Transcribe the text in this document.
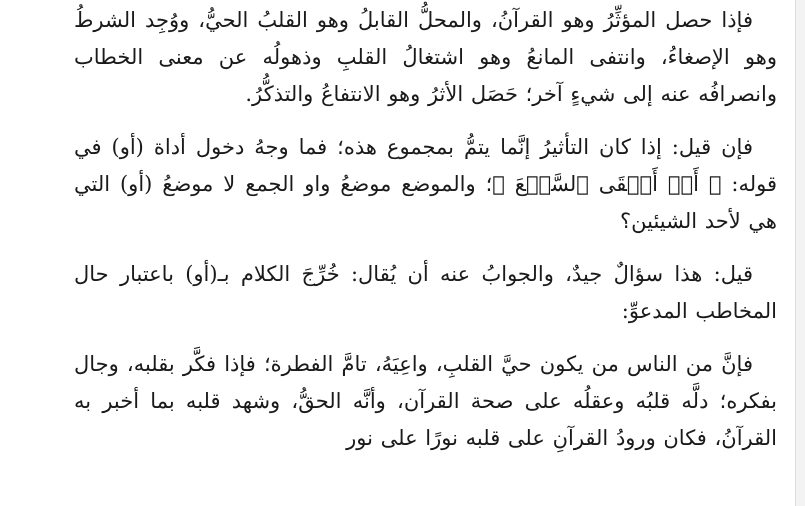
فإذا حصل المؤثِّرُ وهو القرآنُ، والمحلُّ القابلُ وهو القلبُ الحيُّ، ووُجِد الشرطُ وهو الإصغاءُ، وانتفى المانعُ وهو اشتغالُ القلبِ وذهولُه عن معنى الخطاب وانصرافُه عنه إلى شيءٍ آخر؛ حَصَل الأثرُ وهو الانتفاعُ والتذكُّرُ.

فإن قيل: إذا كان التأثيرُ إنَّما يتمُّ بمجموع هذه؛ فما وجهُ دخول أداة (أو) في قوله: ﴿ أَوۡ أَلۡقَى ٱلسَّمۡعَ ﴾؛ والموضع موضعُ واو الجمع لا موضعُ (أو) التي هي لأحد الشيئين؟

قيل: هذا سؤالٌ جيدٌ، والجوابُ عنه أن يُقال: خُرِّجَ الكلام بـ(أو) باعتبار حال المخاطب المدعوِّ:

فإنَّ من الناس من يكون حيَّ القلبِ، واعِيَهُ، تامَّ الفطرة؛ فإذا فكَّر بقلبه، وجال بفكره؛ دلَّه قلبُه وعقلُه على صحة القرآن، وأنَّه الحقُّ، وشهد قلبه بما أخبر به القرآنُ، فكان ورودُ القرآنِ على قلبه نورًا على نور
